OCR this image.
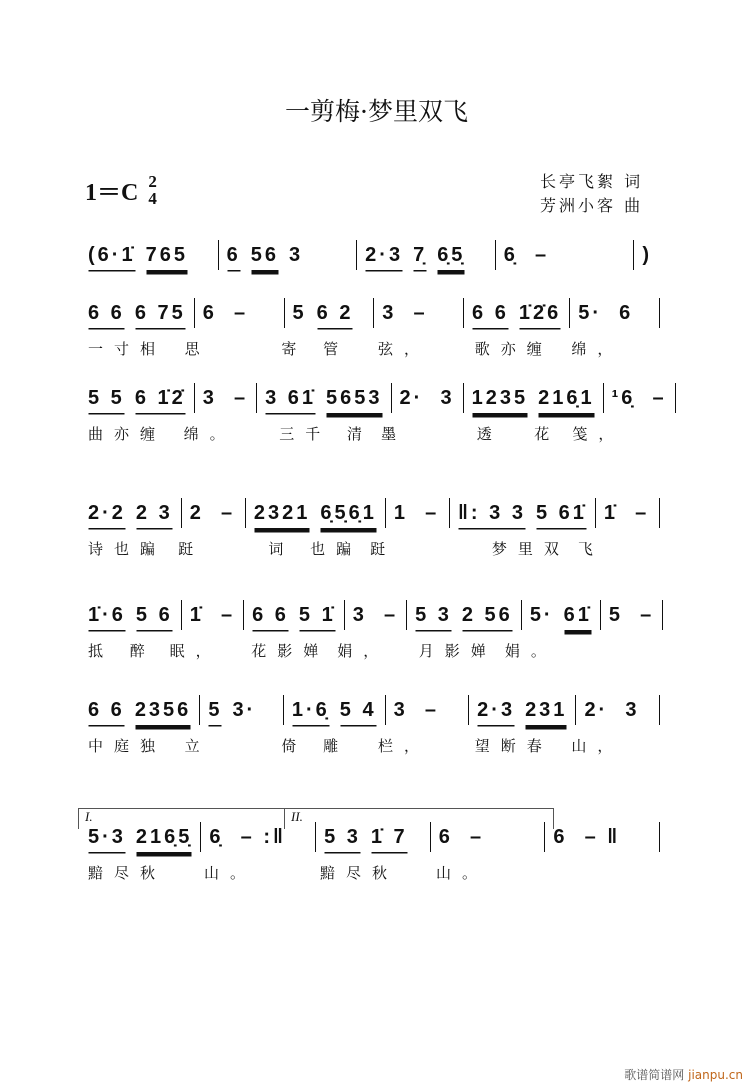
一剪梅·梦里双飞
1＝C 2
4
长亭飞絮 词
芳洲小客 曲
(6·1̇ 765 6 56 3	2·3 7̣ 6̣5̣ 6̣  –	)
6 6 6 75 6  – 5 6 2 3  – 6 6 1̇2̇6 5·  6
一寸相	思	寄 管	弦，	歌亦缠	绵，
5 5 6 1̇2̇ 3  – 3 61̇ 5653 2·  3 1235 216̣1 ¹6̣  –
曲亦缠	绵。	三千 清 墨	透  花 笺，
2·2 2 3 2  – 2321 6̣5̣6̣1 1  – ‖: 3 3 5 61̇ 1̇  –
诗也蹁 跹	词 也蹁 跹	梦里双 飞
1̇·6 5 6 1̇  – 6 6 5 1̇ 3  – 5 3 2 56 5· 61̇ 5  –
抵 醉 眠，	花影婵 娟，	月影婵 娟。
6 6 2356 5 3· 1·6̣ 5 4 3  – 2·3 231 2·  3
中庭独	立	倚 雕	栏，	望断春	山，
5·3 216̣5̣ 6̣  – :‖ 5 3 1̇ 7 6  –	6  – ‖
黯尽秋	山。	黯尽秋	山。
I.	II.
歌谱简谱网 jianpu.cn
